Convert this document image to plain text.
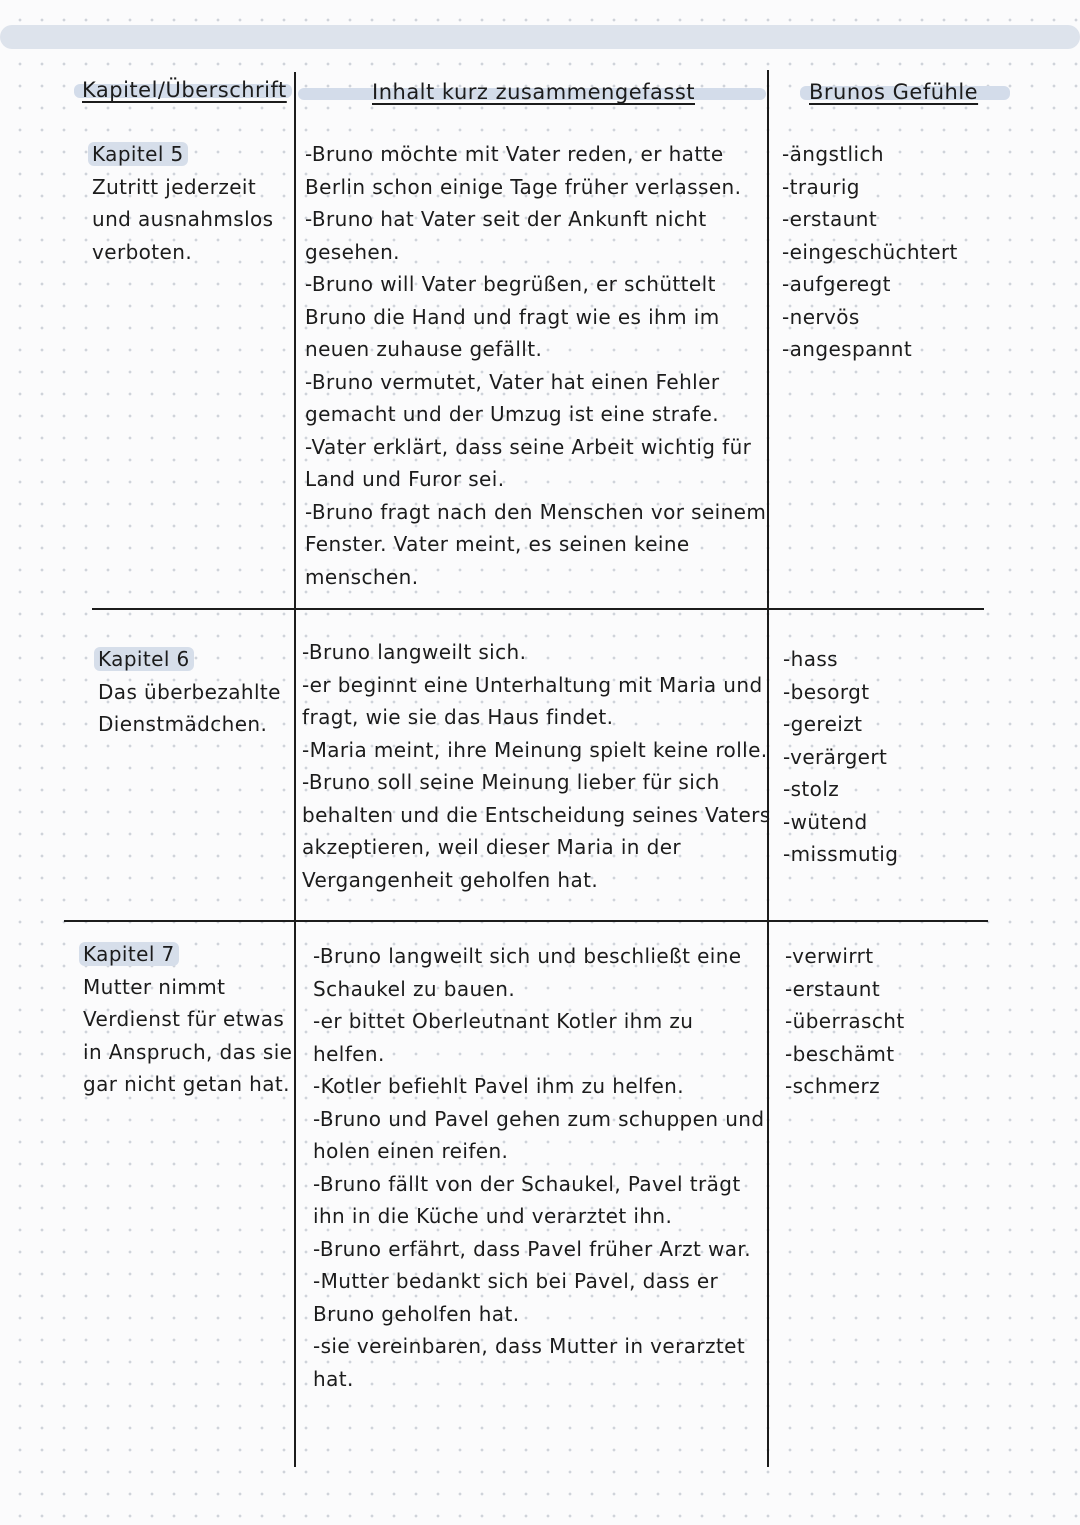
Kapitel/Überschrift	Inhalt kurz zusammengefasst	Brunos Gefühle
Kapitel 5
Zutritt jederzeit
und ausnahmslos
verboten.
-Bruno möchte mit Vater reden, er hatte
Berlin schon einige Tage früher verlassen.
-Bruno hat Vater seit der Ankunft nicht
gesehen.
-Bruno will Vater begrüßen, er schüttelt
Bruno die Hand und fragt wie es ihm im
neuen zuhause gefällt.
-Bruno vermutet, Vater hat einen Fehler
gemacht und der Umzug ist eine strafe.
-Vater erklärt, dass seine Arbeit wichtig für
Land und Furor sei.
-Bruno fragt nach den Menschen vor seinem
Fenster. Vater meint, es seinen keine
menschen.
-ängstlich
-traurig
-erstaunt
-eingeschüchtert
-aufgeregt
-nervös
-angespannt
Kapitel 6
Das überbezahlte
Dienstmädchen.
-Bruno langweilt sich.
-er beginnt eine Unterhaltung mit Maria und
fragt, wie sie das Haus findet.
-Maria meint, ihre Meinung spielt keine rolle.
-Bruno soll seine Meinung lieber für sich
behalten und die Entscheidung seines Vaters
akzeptieren, weil dieser Maria in der
Vergangenheit geholfen hat.
-hass
-besorgt
-gereizt
-verärgert
-stolz
-wütend
-missmutig
Kapitel 7
Mutter nimmt
Verdienst für etwas
in Anspruch, das sie
gar nicht getan hat.
-Bruno langweilt sich und beschließt eine
Schaukel zu bauen.
-er bittet Oberleutnant Kotler ihm zu
helfen.
-Kotler befiehlt Pavel ihm zu helfen.
-Bruno und Pavel gehen zum schuppen und
holen einen reifen.
-Bruno fällt von der Schaukel, Pavel trägt
ihn in die Küche und verarztet ihn.
-Bruno erfährt, dass Pavel früher Arzt war.
-Mutter bedankt sich bei Pavel, dass er
Bruno geholfen hat.
-sie vereinbaren, dass Mutter in verarztet
hat.
-verwirrt
-erstaunt
-überrascht
-beschämt
-schmerz
